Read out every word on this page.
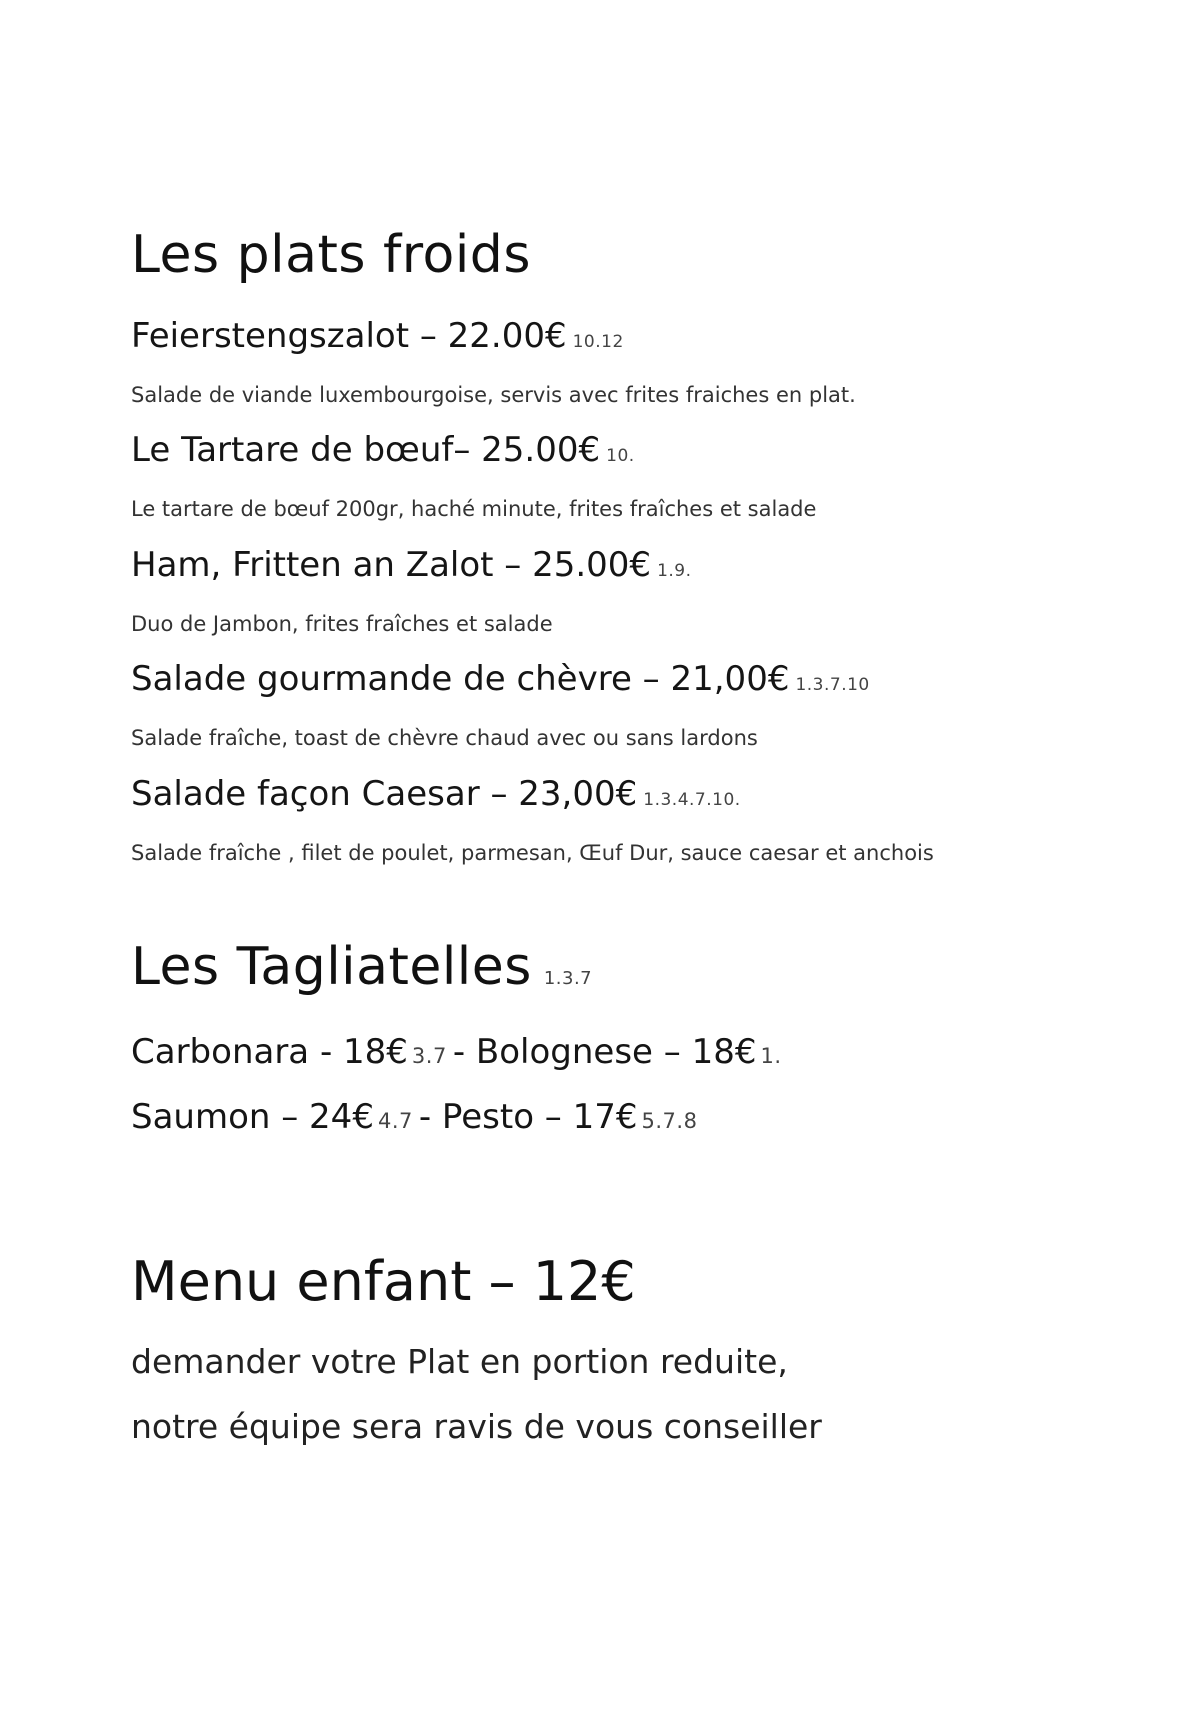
Les plats froids
Feierstengszalot – 22.00€ 10.12
Salade de viande luxembourgoise, servis avec frites fraiches en plat.
Le Tartare de bœuf– 25.00€ 10.
Le tartare de bœuf 200gr, haché minute, frites fraîches et salade
Ham, Fritten an Zalot – 25.00€ 1.9.
Duo de Jambon, frites fraîches et salade
Salade gourmande de chèvre – 21,00€ 1.3.7.10
Salade fraîche, toast de chèvre chaud avec ou sans lardons
Salade façon Caesar – 23,00€ 1.3.4.7.10.
Salade fraîche , filet de poulet, parmesan, Œuf Dur, sauce caesar et anchois
Les Tagliatelles 1.3.7
Carbonara - 18€ 3.7 - Bolognese – 18€ 1.
Saumon – 24€ 4.7 - Pesto – 17€ 5.7.8
Menu enfant – 12€
demander votre Plat en portion reduite,
notre équipe sera ravis de vous conseiller
